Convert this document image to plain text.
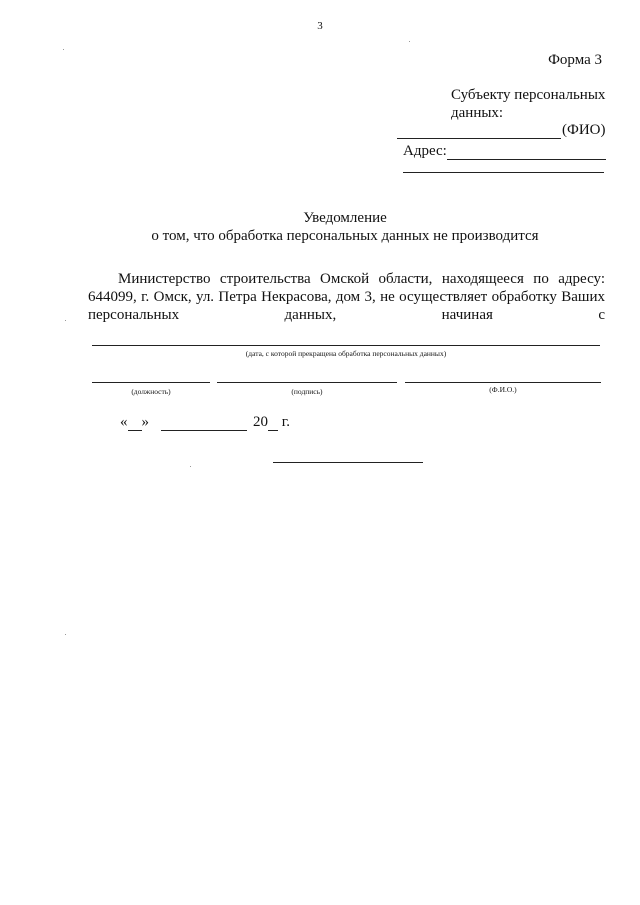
3
Форма 3
Субъекту персональных
данных:
(ФИО)
Адрес:
Уведомление
о том, что обработка персональных данных не производится

Министерство строительства Омской области, находящееся по адресу: 644099, г. Омск, ул. Петра Некрасова, дом 3, не осуществляет обработку Ваших персональных данных, начиная с

(дата, с которой прекращена обработка персональных данных)
(должность)	(подпись)	(Ф.И.О.)
« »	20 г.
